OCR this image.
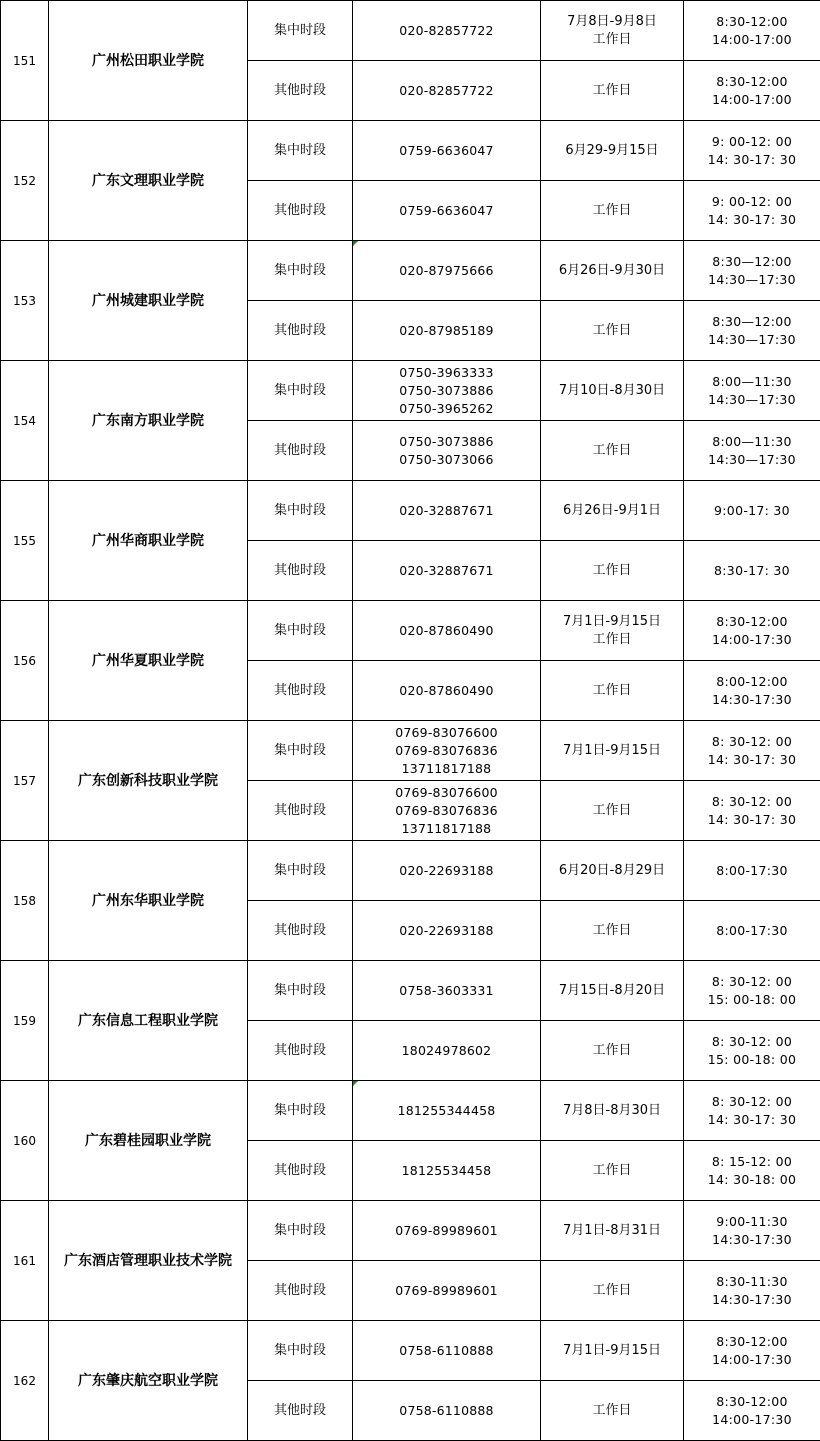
151	广州松田职业学院	集中时段	020-82857722	7月8日-9月8日
工作日	8:30-12:00
14:00-17:00
		其他时段	020-82857722	工作日	8:30-12:00
14:00-17:00
152	广东文理职业学院	集中时段	0759-6636047	6月29-9月15日	9: 00-12: 00
14: 30-17: 30
		其他时段	0759-6636047	工作日	9: 00-12: 00
14: 30-17: 30
153	广州城建职业学院	集中时段	020-87975666	6月26日-9月30日	8:30—12:00
14:30—17:30
		其他时段	020-87985189	工作日	8:30—12:00
14:30—17:30
154	广东南方职业学院	集中时段	0750-3963333
0750-3073886
0750-3965262	7月10日-8月30日	8:00—11:30
14:30—17:30
		其他时段	0750-3073886
0750-3073066	工作日	8:00—11:30
14:30—17:30
155	广州华商职业学院	集中时段	020-32887671	6月26日-9月1日	9:00-17: 30
		其他时段	020-32887671	工作日	8:30-17: 30
156	广州华夏职业学院	集中时段	020-87860490	7月1日-9月15日
工作日	8:30-12:00
14:00-17:30
		其他时段	020-87860490	工作日	8:00-12:00
14:30-17:30
157	广东创新科技职业学院	集中时段	0769-83076600
0769-83076836
13711817188	7月1日-9月15日	8: 30-12: 00
14: 30-17: 30
		其他时段	0769-83076600
0769-83076836
13711817188	工作日	8: 30-12: 00
14: 30-17: 30
158	广州东华职业学院	集中时段	020-22693188	6月20日-8月29日	8:00-17:30
		其他时段	020-22693188	工作日	8:00-17:30
159	广东信息工程职业学院	集中时段	0758-3603331	7月15日-8月20日	8: 30-12: 00
15: 00-18: 00
		其他时段	18024978602	工作日	8: 30-12: 00
15: 00-18: 00
160	广东碧桂园职业学院	集中时段	181255344458	7月8日-8月30日	8: 30-12: 00
14: 30-17: 30
		其他时段	18125534458	工作日	8: 15-12: 00
14: 30-18: 00
161	广东酒店管理职业技术学院	集中时段	0769-89989601	7月1日-8月31日	9:00-11:30
14:30-17:30
		其他时段	0769-89989601	工作日	8:30-11:30
14:30-17:30
162	广东肇庆航空职业学院	集中时段	0758-6110888	7月1日-9月15日	8:30-12:00
14:00-17:30
		其他时段	0758-6110888	工作日	8:30-12:00
14:00-17:30
